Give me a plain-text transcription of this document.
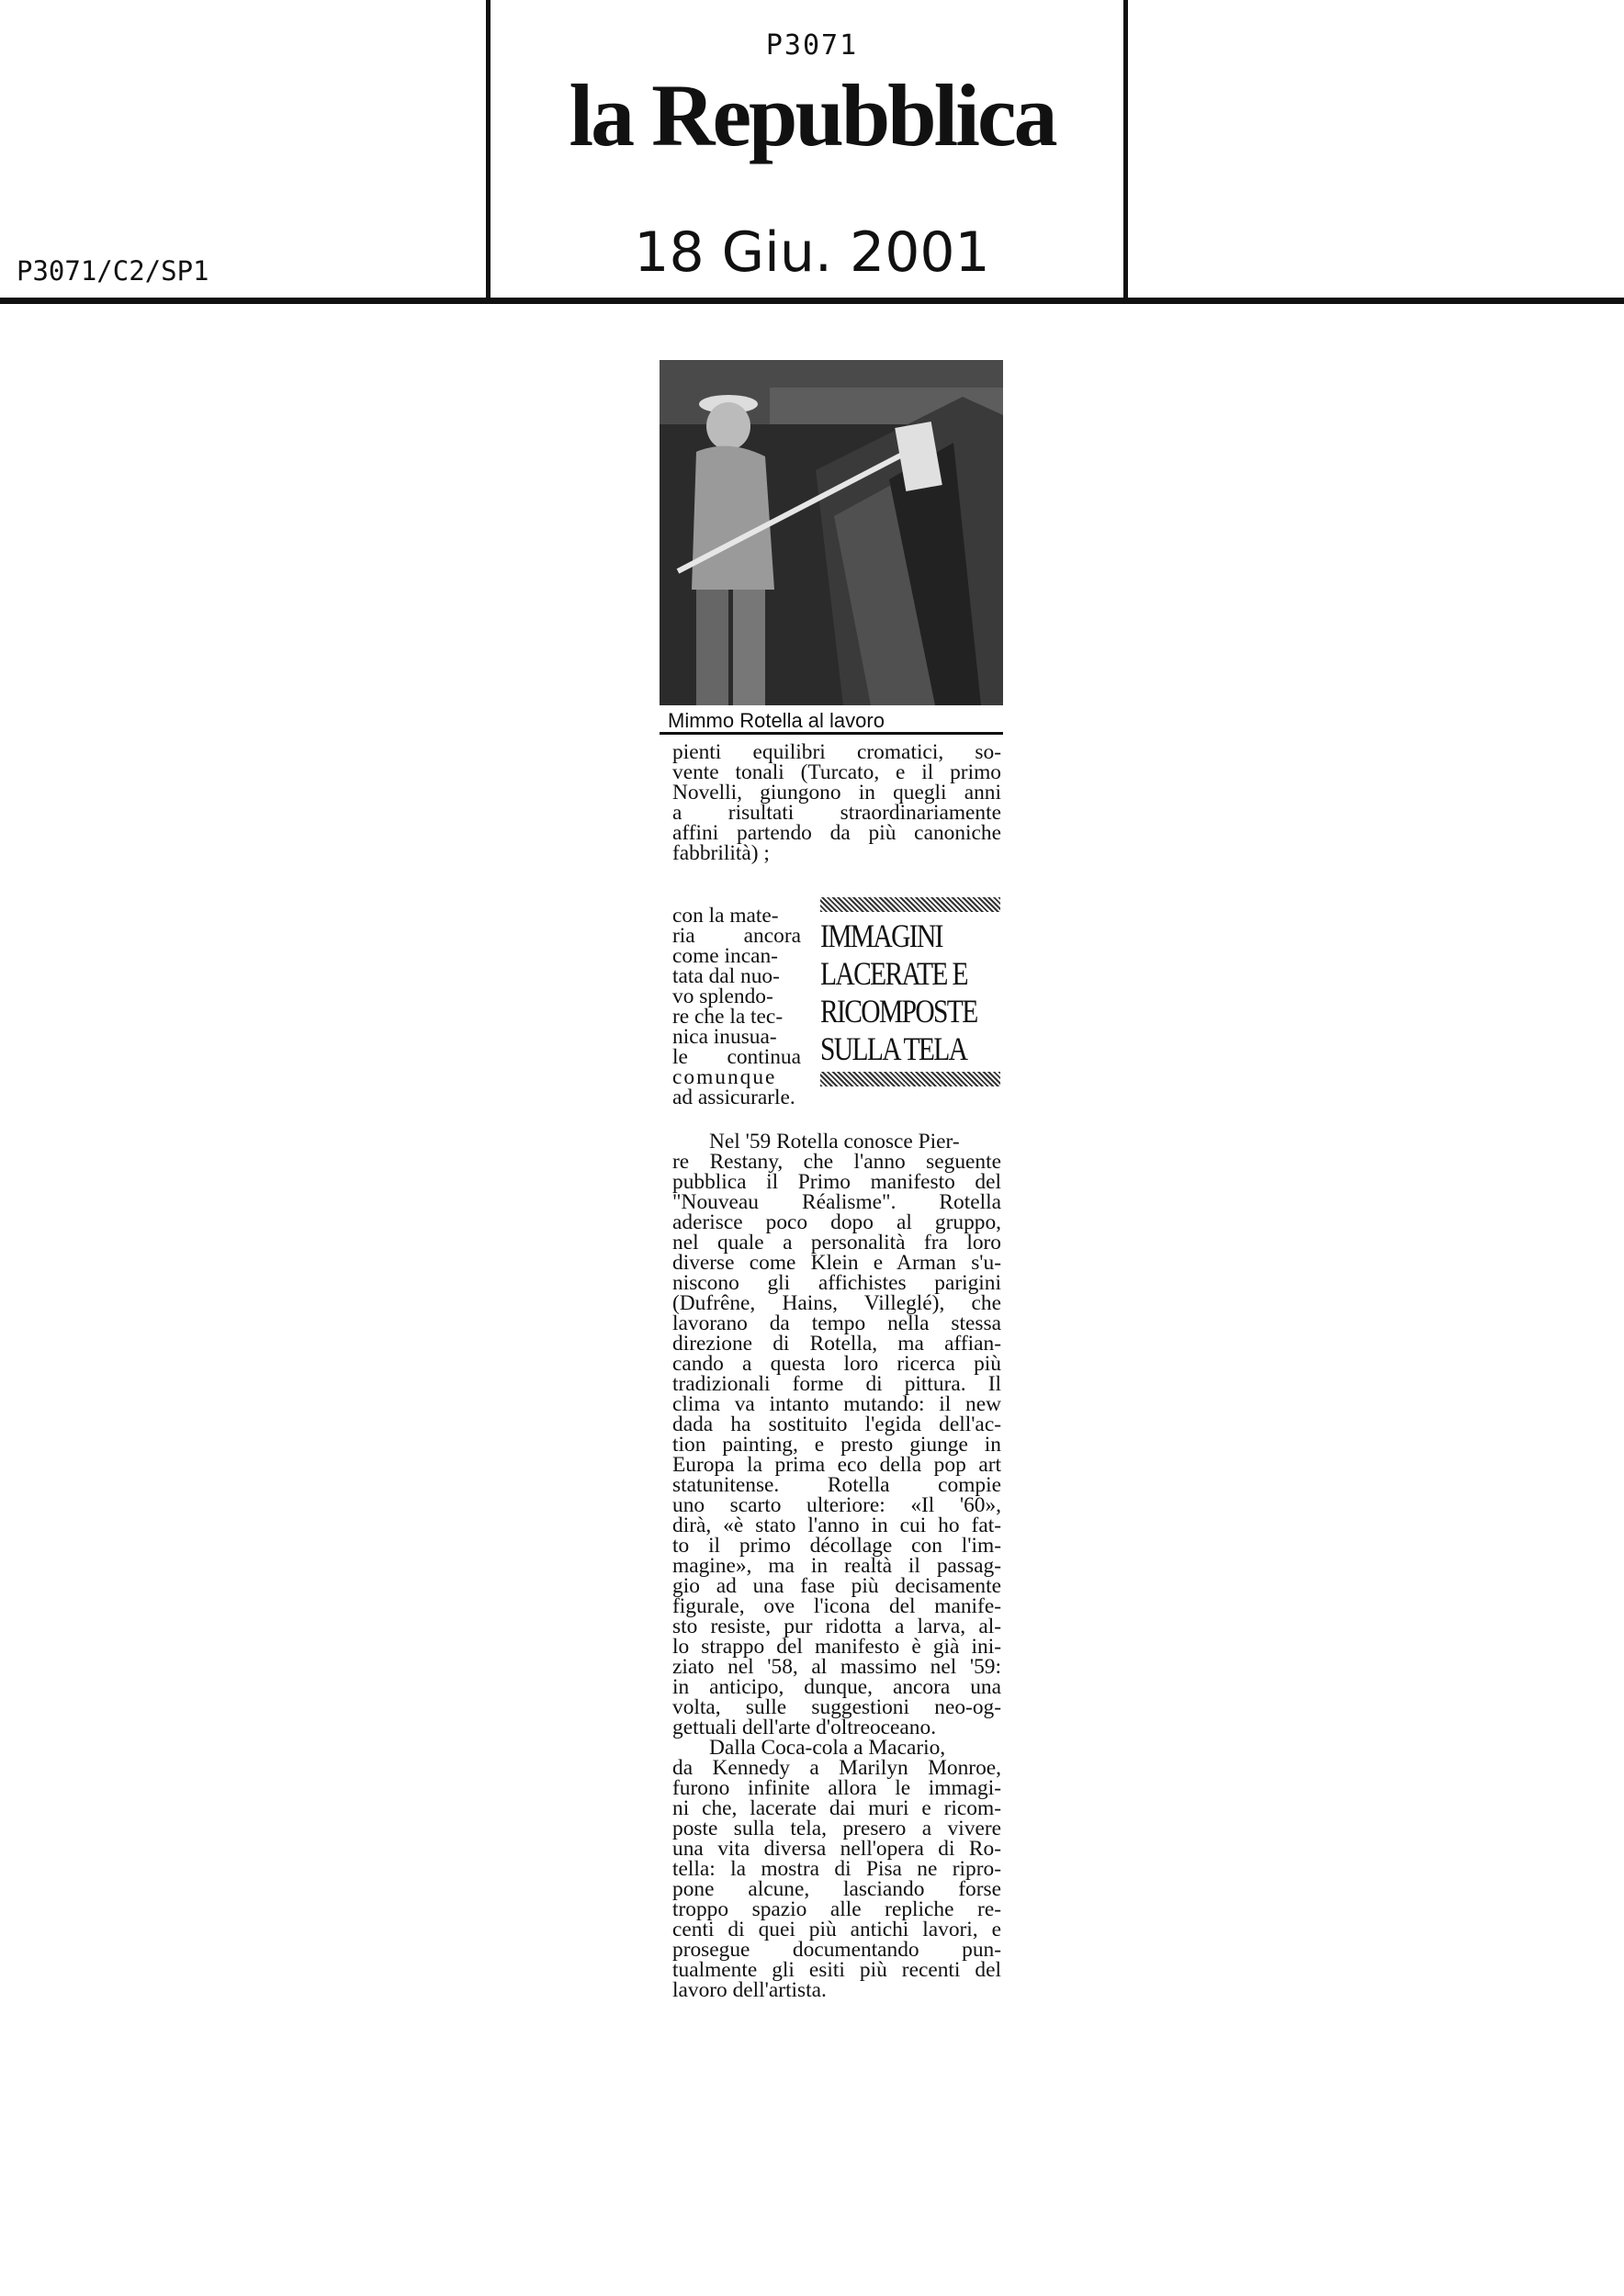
P3071
la Repubblica
18 Giu. 2001
P3071/C2/SP1
Mimmo Rotella al lavoro
pienti equilibri cromatici, so-
vente tonali (Turcato, e il primo
Novelli, giungono in quegli anni
a risultati straordinariamente
affini partendo da più canoniche
fabbrilità) ;
con la mate-
ria ancora
come incan-
tata dal nuo-
vo splendo-
re che la tec-
nica inusua-
le continua
comunque
ad assicurarle.
IMMAGINI
LACERATE E
RICOMPOSTE
SULLA TELA
Nel '59 Rotella conosce Pier-
re Restany, che l'anno seguente
pubblica il Primo manifesto del
"Nouveau Réalisme". Rotella
aderisce poco dopo al gruppo,
nel quale a personalità fra loro
diverse come Klein e Arman s'u-
niscono gli affichistes parigini
(Dufrêne, Hains, Villeglé), che
lavorano da tempo nella stessa
direzione di Rotella, ma affian-
cando a questa loro ricerca più
tradizionali forme di pittura. Il
clima va intanto mutando: il new
dada ha sostituito l'egida dell'ac-
tion painting, e presto giunge in
Europa la prima eco della pop art
statunitense. Rotella compie
uno scarto ulteriore: «Il '60»,
dirà, «è stato l'anno in cui ho fat-
to il primo décollage con l'im-
magine», ma in realtà il passag-
gio ad una fase più decisamente
figurale, ove l'icona del manife-
sto resiste, pur ridotta a larva, al-
lo strappo del manifesto è già ini-
ziato nel '58, al massimo nel '59:
in anticipo, dunque, ancora una
volta, sulle suggestioni neo-og-
gettuali dell'arte d'oltreoceano.
Dalla Coca-cola a Macario,
da Kennedy a Marilyn Monroe,
furono infinite allora le immagi-
ni che, lacerate dai muri e ricom-
poste sulla tela, presero a vivere
una vita diversa nell'opera di Ro-
tella: la mostra di Pisa ne ripro-
pone alcune, lasciando forse
troppo spazio alle repliche re-
centi di quei più antichi lavori, e
prosegue documentando pun-
tualmente gli esiti più recenti del
lavoro dell'artista.
